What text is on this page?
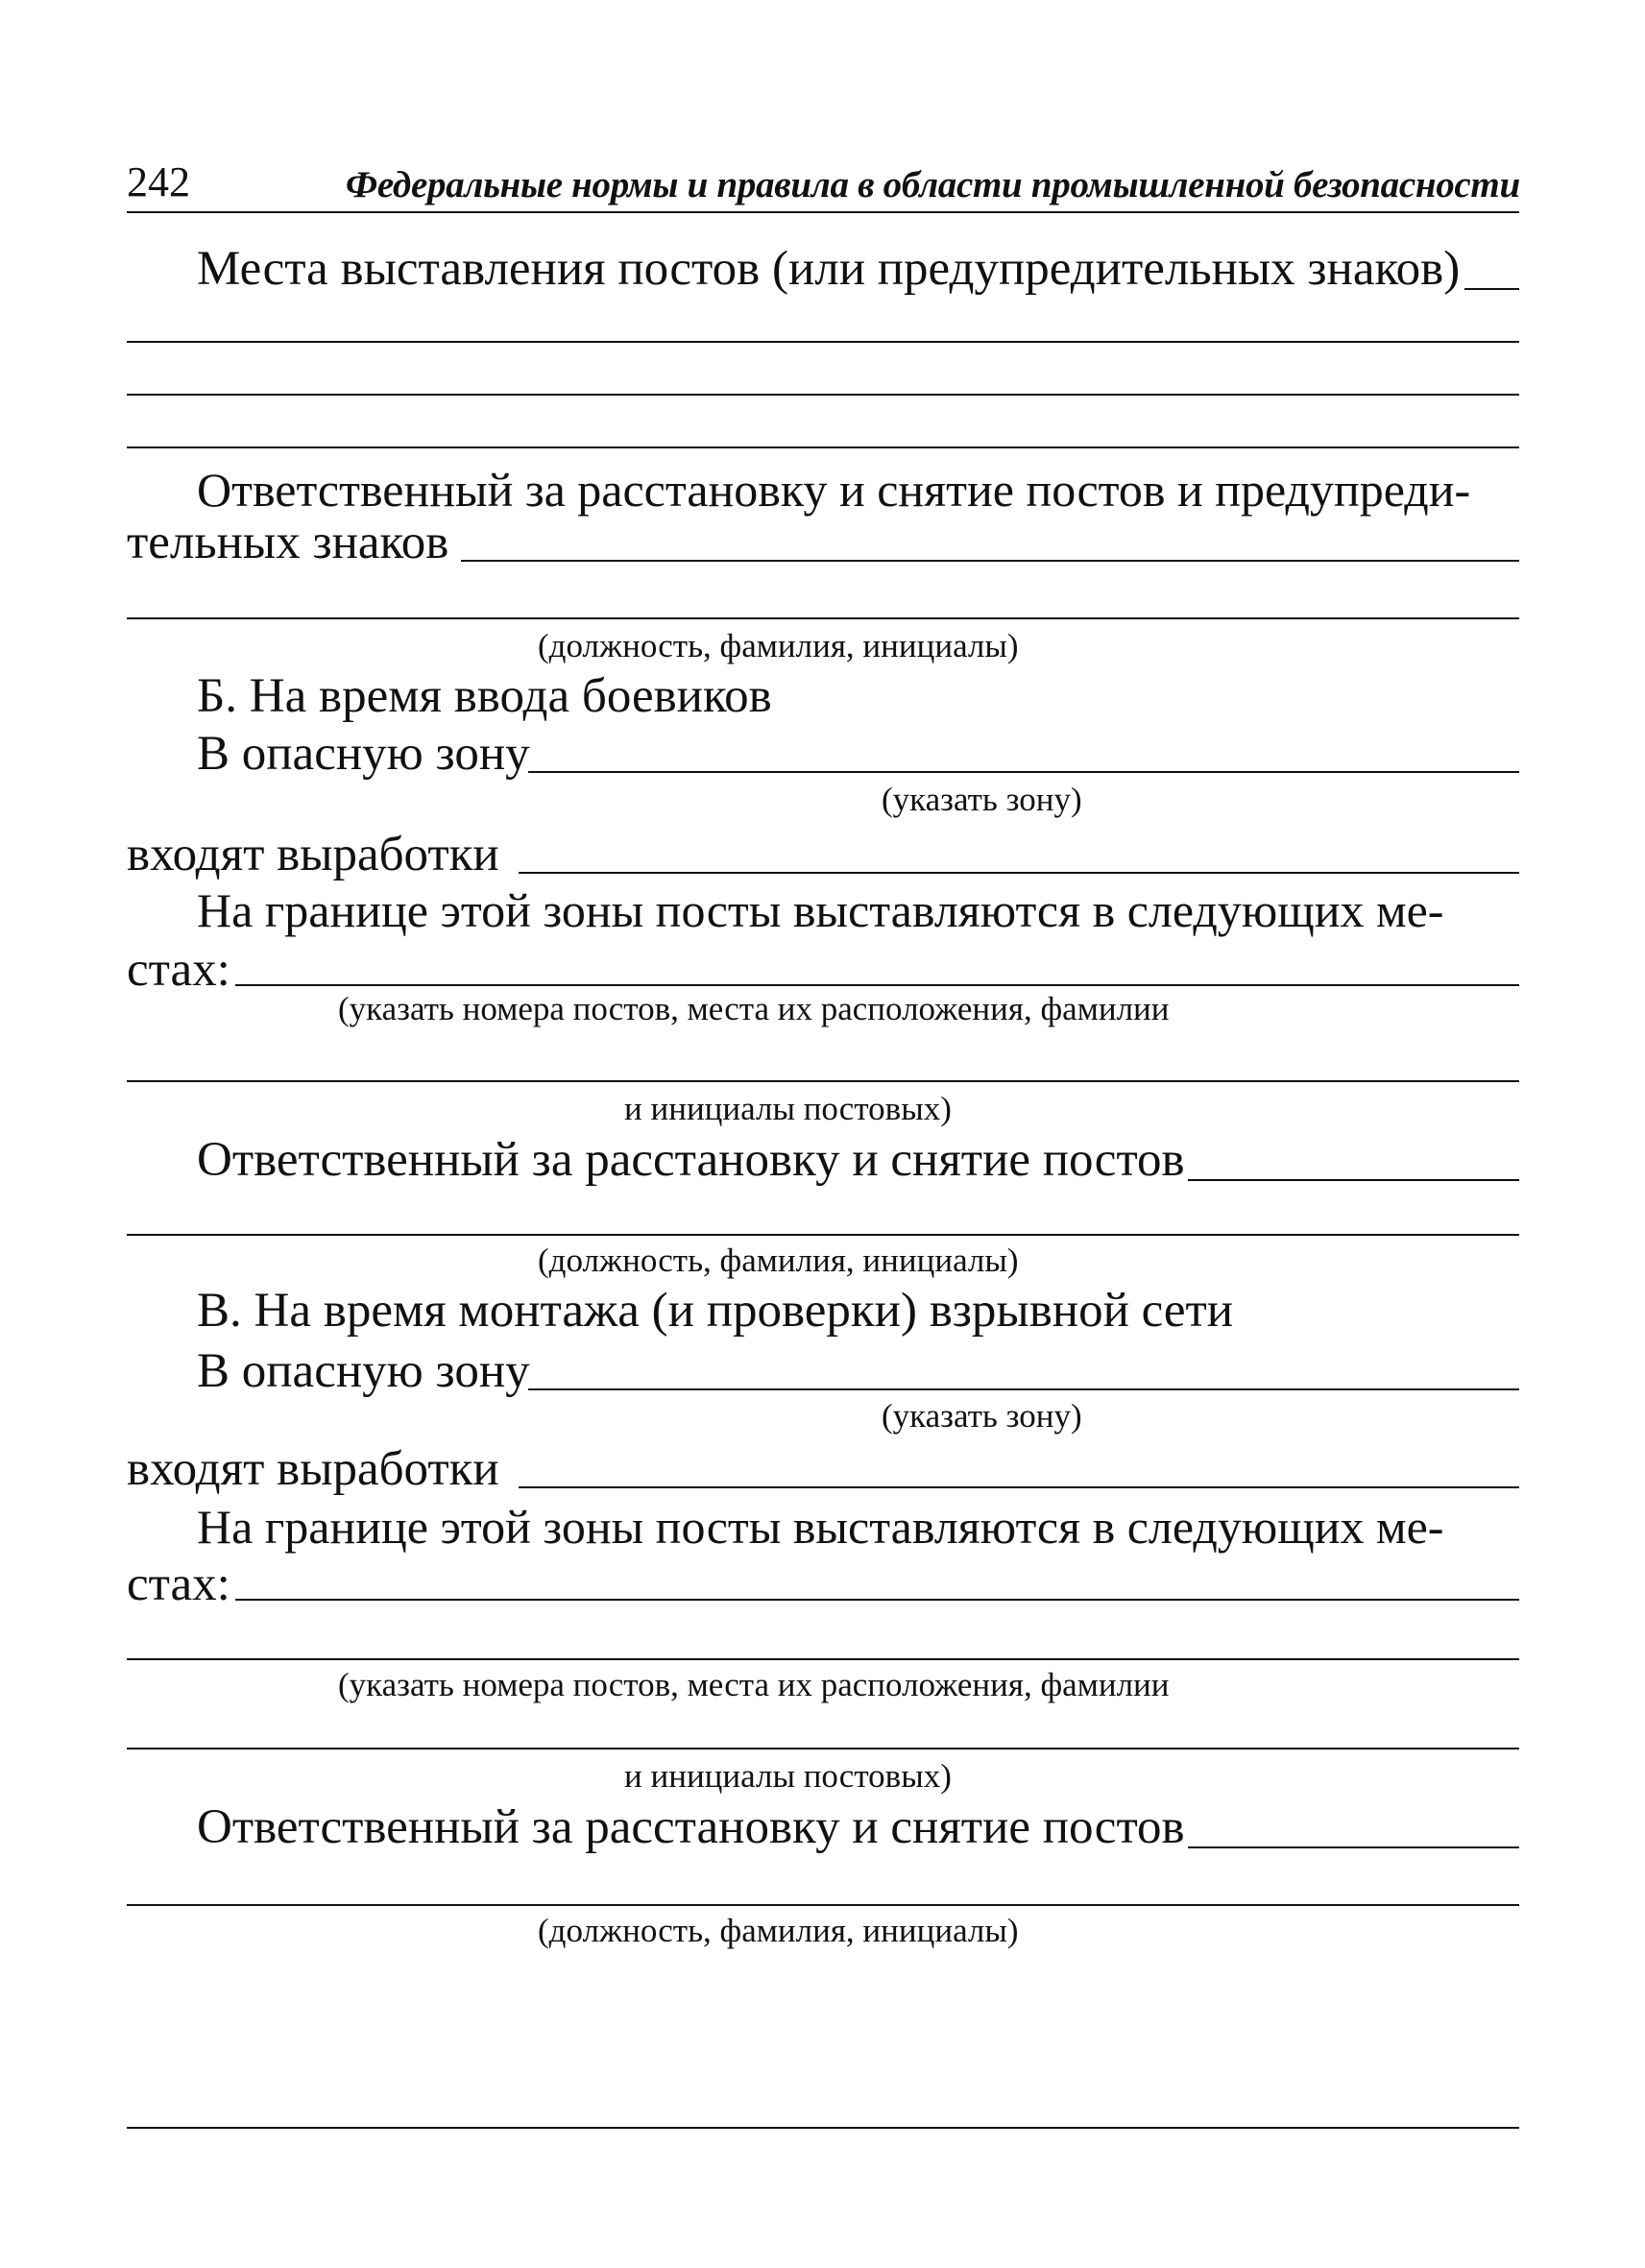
242	Федеральные нормы и правила в области промышленной безопасности
Места выставления постов (или предупредительных знаков)
Ответственный за расстановку и снятие постов и предупреди-
тельных знаков
(должность, фамилия, инициалы)
Б. На время ввода боевиков
В опасную зону
(указать зону)
входят выработки
На границе этой зоны посты выставляются в следующих ме-
стах:
(указать номера постов, места их расположения, фамилии
и инициалы постовых)
Ответственный за расстановку и снятие постов
(должность, фамилия, инициалы)
В. На время монтажа (и проверки) взрывной сети
В опасную зону
(указать зону)
входят выработки
На границе этой зоны посты выставляются в следующих ме-
стах:
(указать номера постов, места их расположения, фамилии
и инициалы постовых)
Ответственный за расстановку и снятие постов
(должность, фамилия, инициалы)
